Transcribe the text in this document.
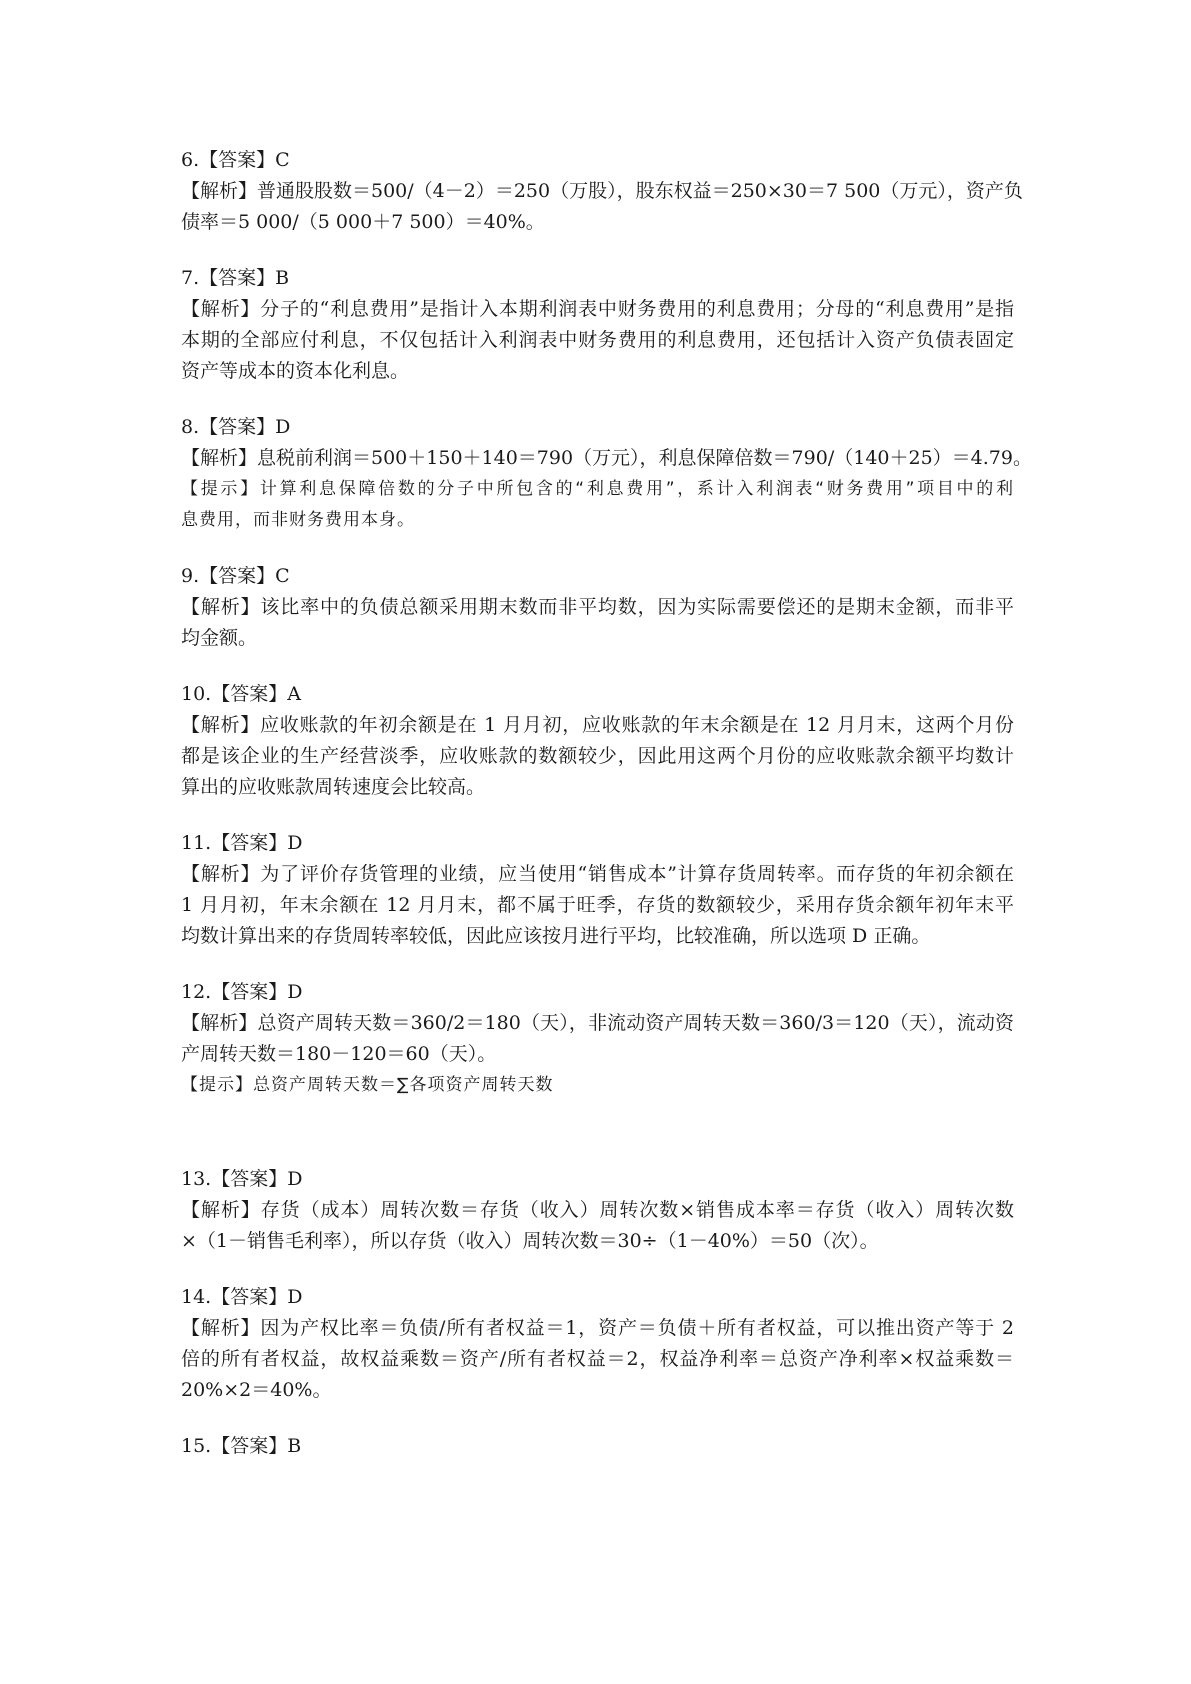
6.【答案】C
【解析】普通股股数＝500/（4－2）＝250（万股），股东权益＝250×30＝7 500（万元），资产负
债率＝5 000/（5 000＋7 500）＝40%。
7.【答案】B
【解析】分子的“利息费用”是指计入本期利润表中财务费用的利息费用；分母的“利息费用”是指
本期的全部应付利息，不仅包括计入利润表中财务费用的利息费用，还包括计入资产负债表固定
资产等成本的资本化利息。
8.【答案】D
【解析】息税前利润＝500＋150＋140＝790（万元），利息保障倍数＝790/（140＋25）＝4.79。
【提示】计算利息保障倍数的分子中所包含的“利息费用”，系计入利润表“财务费用”项目中的利
息费用，而非财务费用本身。
9.【答案】C
【解析】该比率中的负债总额采用期末数而非平均数，因为实际需要偿还的是期末金额，而非平
均金额。
10.【答案】A
【解析】应收账款的年初余额是在 1 月月初，应收账款的年末余额是在 12 月月末，这两个月份
都是该企业的生产经营淡季，应收账款的数额较少，因此用这两个月份的应收账款余额平均数计
算出的应收账款周转速度会比较高。
11.【答案】D
【解析】为了评价存货管理的业绩，应当使用“销售成本”计算存货周转率。而存货的年初余额在
1 月月初，年末余额在 12 月月末，都不属于旺季，存货的数额较少，采用存货余额年初年末平
均数计算出来的存货周转率较低，因此应该按月进行平均，比较准确，所以选项 D 正确。
12.【答案】D
【解析】总资产周转天数＝360/2＝180（天），非流动资产周转天数＝360/3＝120（天），流动资
产周转天数＝180－120＝60（天）。
【提示】总资产周转天数＝∑各项资产周转天数
13.【答案】D
【解析】存货（成本）周转次数＝存货（收入）周转次数×销售成本率＝存货（收入）周转次数
×（1－销售毛利率），所以存货（收入）周转次数＝30÷（1－40%）＝50（次）。
14.【答案】D
【解析】因为产权比率＝负债/所有者权益＝1，资产＝负债＋所有者权益，可以推出资产等于 2
倍的所有者权益，故权益乘数＝资产/所有者权益＝2，权益净利率＝总资产净利率×权益乘数＝
20%×2＝40%。
15.【答案】B
